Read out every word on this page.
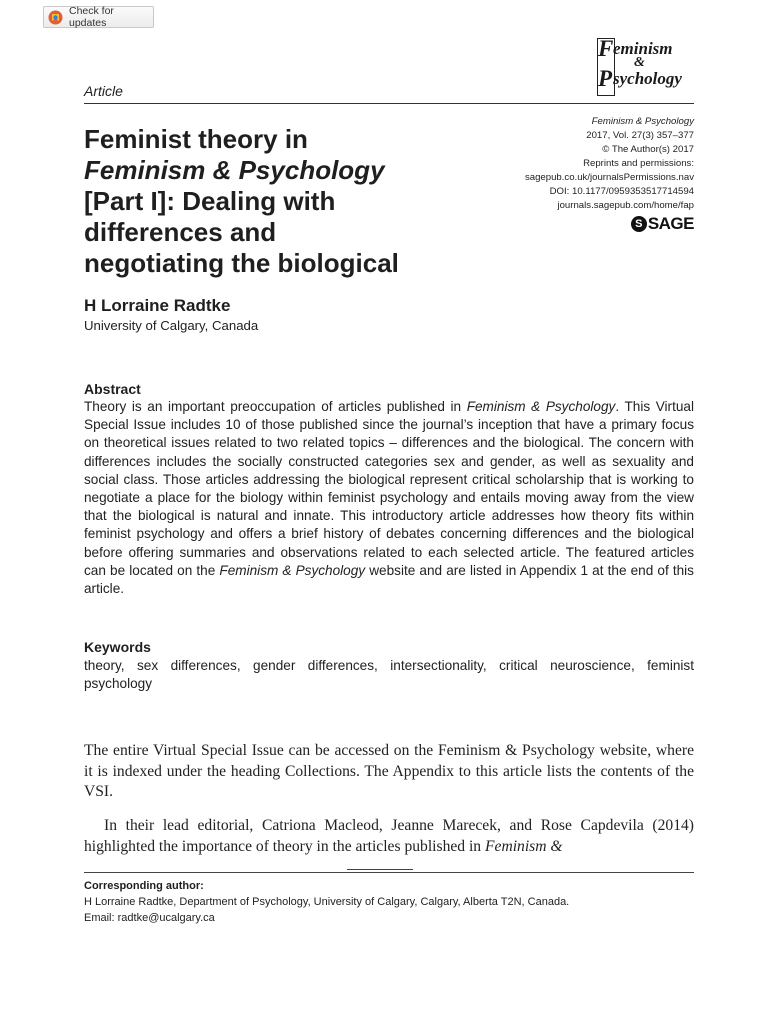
Check for updates
F eminism
&
P sychology
Article
Feminism & Psychology
2017, Vol. 27(3) 357–377
© The Author(s) 2017
Reprints and permissions:
sagepub.co.uk/journalsPermissions.nav
DOI: 10.1177/0959353517714594
journals.sagepub.com/home/fap
S SAGE
Feminist theory in
Feminism & Psychology
[Part I]: Dealing with
differences and
negotiating the biological
H Lorraine Radtke
University of Calgary, Canada
Abstract
Theory is an important preoccupation of articles published in Feminism & Psychology. This Virtual Special Issue includes 10 of those published since the journal’s inception that have a primary focus on theoretical issues related to two related topics – differences and the biological. The concern with differences includes the socially constructed categories sex and gender, as well as sexuality and social class. Those articles addressing the biological represent critical scholarship that is working to negotiate a place for the biology within feminist psychology and entails moving away from the view that the biological is natural and innate. This introductory article addresses how theory fits within feminist psychology and offers a brief history of debates concerning differences and the biological before offering summaries and observations related to each selected article. The featured articles can be located on the Feminism & Psychology website and are listed in Appendix 1 at the end of this article.
Keywords
theory, sex differences, gender differences, intersectionality, critical neuroscience, feminist psychology
The entire Virtual Special Issue can be accessed on the Feminism & Psychology website, where it is indexed under the heading Collections. The Appendix to this article lists the contents of the VSI.
In their lead editorial, Catriona Macleod, Jeanne Marecek, and Rose Capdevila (2014) highlighted the importance of theory in the articles published in Feminism &
Corresponding author:
H Lorraine Radtke, Department of Psychology, University of Calgary, Calgary, Alberta T2N, Canada.
Email: radtke@ucalgary.ca
